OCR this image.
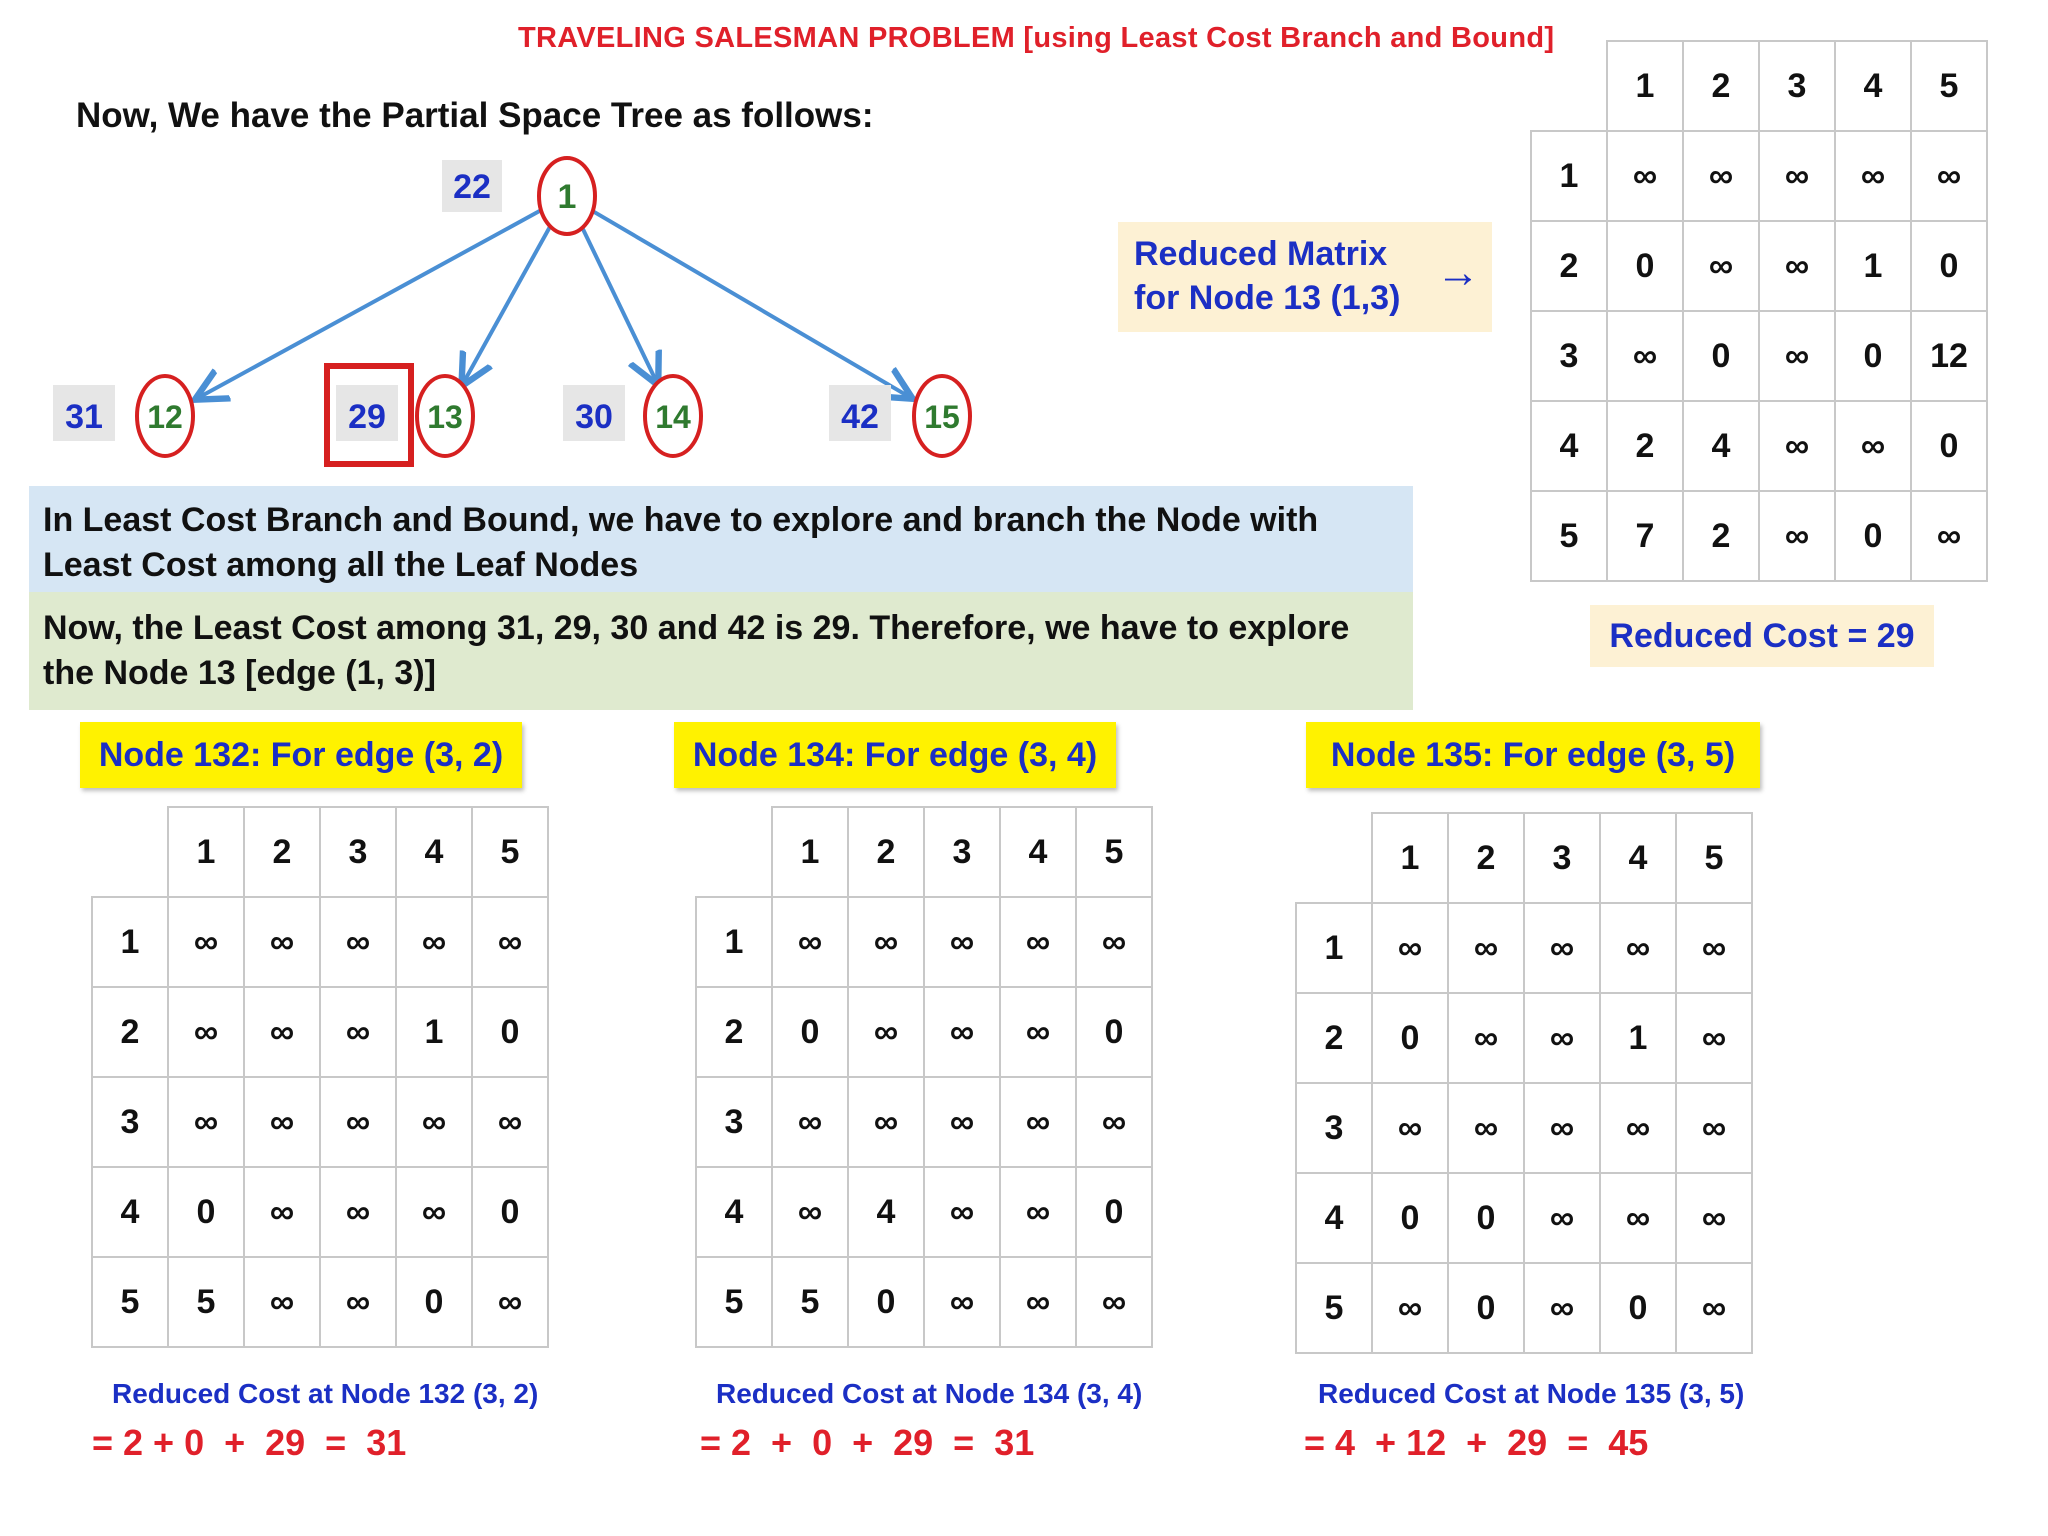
TRAVELING SALESMAN PROBLEM [using Least Cost Branch and Bound]
Now, We have the Partial Space Tree as follows:
22 1
31 12	29 13	30 14	42 15
In Least Cost Branch and Bound, we have to explore and branch the Node with
Least Cost among all the Leaf Nodes
Now, the Least Cost among 31, 29, 30 and 42 is 29. Therefore, we have to explore
the Node 13 [edge (1, 3)]
Reduced Matrix
for Node 13 (1,3)
→
	1	2	3	4	5
1	∞	∞	∞	∞	∞
2	0	∞	∞	1	0
3	∞	0	∞	0	12
4	2	4	∞	∞	0
5	7	2	∞	0	∞
Reduced Cost = 29
Node 132: For edge (3, 2)
	1	2	3	4	5
1	∞	∞	∞	∞	∞
2	∞	∞	∞	1	0
3	∞	∞	∞	∞	∞
4	0	∞	∞	∞	0
5	5	∞	∞	0	∞
Reduced Cost at Node 132 (3, 2)
= 2 + 0  +  29  =  31
Node 134: For edge (3, 4)
	1	2	3	4	5
1	∞	∞	∞	∞	∞
2	0	∞	∞	∞	0
3	∞	∞	∞	∞	∞
4	∞	4	∞	∞	0
5	5	0	∞	∞	∞
Reduced Cost at Node 134 (3, 4)
= 2  +  0  +  29  =  31
Node 135: For edge (3, 5)
	1	2	3	4	5
1	∞	∞	∞	∞	∞
2	0	∞	∞	1	∞
3	∞	∞	∞	∞	∞
4	0	0	∞	∞	∞
5	∞	0	∞	0	∞
Reduced Cost at Node 135 (3, 5)
= 4  + 12  +  29  =  45
